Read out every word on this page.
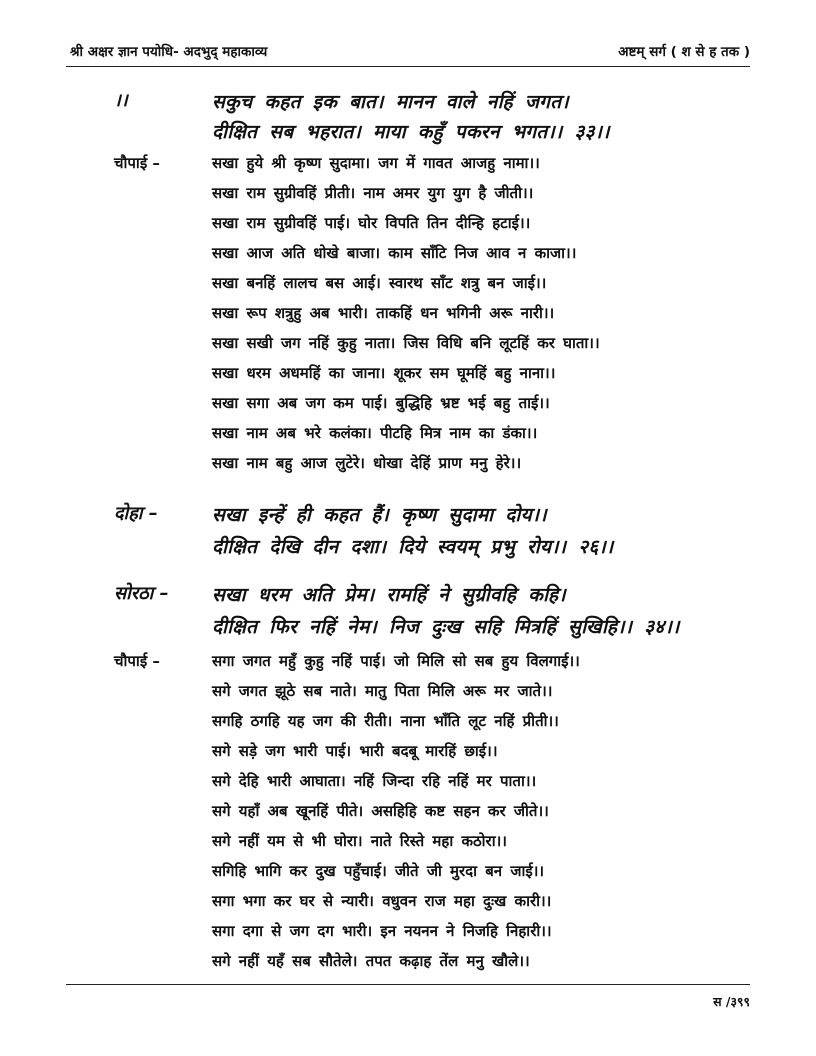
श्री अक्षर ज्ञान पयोधि- अदभुद् महाकाव्य	अष्टम् सर्ग ( श से ह तक )
।।	सकुच कहत इक बात। मानन वाले नहिं जगत।
दीक्षित सब भहरात। माया कहुँ पकरन भगत।। ३३।।
चौपाई –	सखा हुये श्री कृष्ण सुदामा। जग में गावत आजहु नामा।।
सखा राम सुग्रीवहिं प्रीती। नाम अमर युग युग है जीती।।
सखा राम सुग्रीवहिं पाई। घोर विपति तिन दीन्हि हटाई।।
सखा आज अति धोखे बाजा। काम साँटि निज आव न काजा।।
सखा बनहिं लालच बस आई। स्वारथ साँट शत्रु बन जाई।।
सखा रूप शत्रुहु अब भारी। ताकहिं धन भगिनी अरू नारी।।
सखा सखी जग नहिं कुहु नाता। जिस विधि बनि लूटहिं कर घाता।।
सखा धरम अधमहिं का जाना। शूकर सम घूमहिं बहु नाना।।
सखा सगा अब जग कम पाई। बुद्धिहि भ्रष्ट भई बहु ताई।।
सखा नाम अब भरे कलंका। पीटहि मित्र नाम का डंका।।
सखा नाम बहु आज लुटेरे। धोखा देहिं प्राण मनु हेरे।।
दोहा –	सखा इन्हें ही कहत हैं। कृष्ण सुदामा दोय।।
दीक्षित देखि दीन दशा। दिये स्वयम् प्रभु रोय।। २६।।
सोरठा – सखा धरम अति प्रेम। रामहिं ने सुग्रीवहि कहि।
दीक्षित फिर नहिं नेम। निज दुःख सहि मित्रहिं सुखिहि।। ३४।।
चौपाई –	सगा जगत महुँ कुहु नहिं पाई। जो मिलि सो सब हुय विलगाई।।
सगे जगत झूठे सब नाते। मातु पिता मिलि अरू मर जाते।।
सगहि ठगहि यह जग की रीती। नाना भाँति लूट नहिं प्रीती।।
सगे सड़े जग भारी पाई। भारी बदबू मारहिं छाई।।
सगे देहि भारी आघाता। नहिं जिन्दा रहि नहिं मर पाता।।
सगे यहाँ अब खूनहिं पीते। असहिहि कष्ट सहन कर जीते।।
सगे नहीं यम से भी घोरा। नाते रिस्ते महा कठोरा।।
सगिहि भागि कर दुख पहुँचाई। जीते जी मुरदा बन जाई।।
सगा भगा कर घर से न्यारी। वधुवन राज महा दुःख कारी।।
सगा दगा से जग दग भारी। इन नयनन ने निजहि निहारी।।
सगे नहीं यहँ सब सौतेले। तपत कढ़ाह तेंल मनु खौले।।
स /३९९
